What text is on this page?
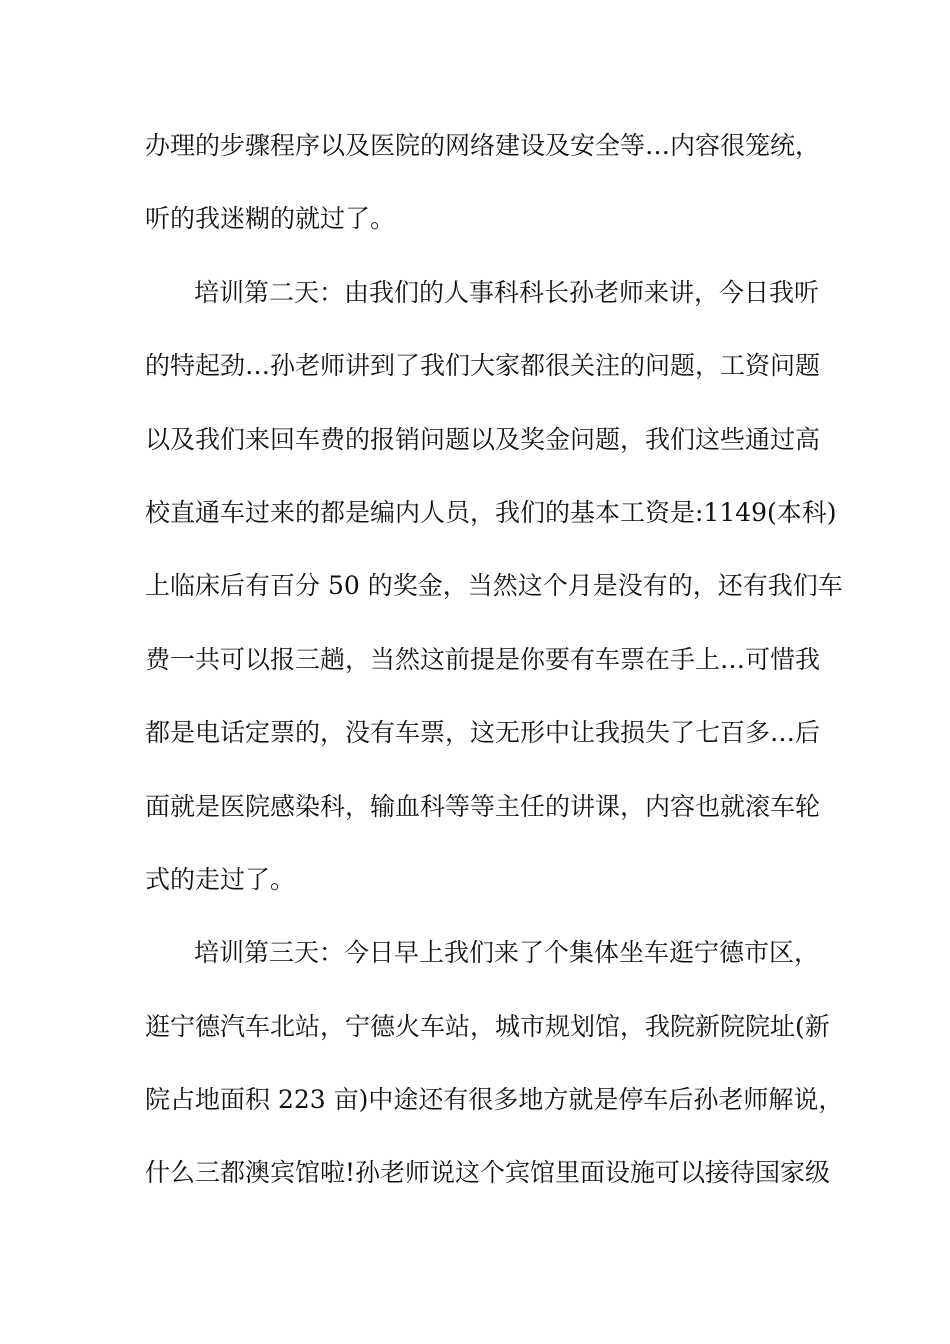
办理的步骤程序以及医院的网络建设及安全等…内容很笼统，
听的我迷糊的就过了。
培训第二天：由我们的人事科科长孙老师来讲，今日我听
的特起劲…孙老师讲到了我们大家都很关注的问题，工资问题
以及我们来回车费的报销问题以及奖金问题，我们这些通过高
校直通车过来的都是编内人员，我们的基本工资是:1149(本科)
上临床后有百分 50 的奖金，当然这个月是没有的，还有我们车
费一共可以报三趟，当然这前提是你要有车票在手上…可惜我
都是电话定票的，没有车票，这无形中让我损失了七百多…后
面就是医院感染科，输血科等等主任的讲课，内容也就滚车轮
式的走过了。
培训第三天：今日早上我们来了个集体坐车逛宁德市区，
逛宁德汽车北站，宁德火车站，城市规划馆，我院新院院址(新
院占地面积 223 亩)中途还有很多地方就是停车后孙老师解说，
什么三都澳宾馆啦!孙老师说这个宾馆里面设施可以接待国家级
